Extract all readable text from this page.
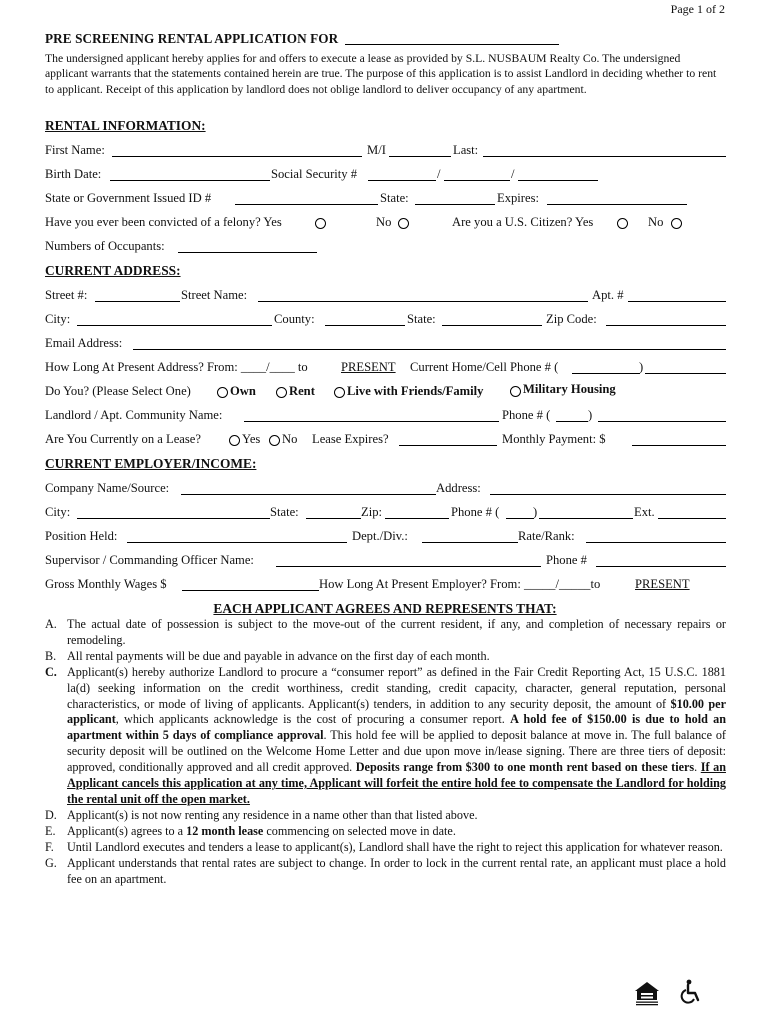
Page 1 of 2
PRE SCREENING RENTAL APPLICATION FOR
The undersigned applicant hereby applies for and offers to execute a lease as provided by S.L. NUSBAUM Realty Co. The undersigned applicant warrants that the statements contained herein are true. The purpose of this application is to assist Landlord in deciding whether to rent to applicant. Receipt of this application by landlord does not oblige landlord to deliver occupancy of any apartment.
RENTAL INFORMATION:
First Name:	M/I	Last:
Birth Date:	Social Security #	/	/
State or Government Issued ID #	State:	Expires:
Have you ever been convicted of a felony? Yes	No	Are you a U.S. Citizen? Yes	No
Numbers of Occupants:
CURRENT ADDRESS:
Street #:	Street Name:	Apt. #
City:	County:	State:	Zip Code:
Email Address:
How Long At Present Address? From: ____/____ to	PRESENT Current Home/Cell Phone # (	)
Do You? (Please Select One)	Own	Rent	Live with Friends/Family	Military Housing
Landlord / Apt. Community Name:	Phone # (	)
Are You Currently on a Lease?	Yes No Lease Expires?	Monthly Payment: $
CURRENT EMPLOYER/INCOME:
Company Name/Source:	Address:
City:	State:	Zip:	Phone # (	)	Ext.
Position Held:	Dept./Div.:	Rate/Rank:
Supervisor / Commanding Officer Name:	Phone #
Gross Monthly Wages $	How Long At Present Employer? From: _____/_____to	PRESENT
EACH APPLICANT AGREES AND REPRESENTS THAT:
A. The actual date of possession is subject to the move-out of the current resident, if any, and completion of necessary repairs or remodeling.
B. All rental payments will be due and payable in advance on the first day of each month.
C. Applicant(s) hereby authorize Landlord to procure a “consumer report” as defined in the Fair Credit Reporting Act, 15 U.S.C. 1881 la(d) seeking information on the credit worthiness, credit standing, credit capacity, character, general reputation, personal characteristics, or mode of living of applicants. Applicant(s) tenders, in addition to any security deposit, the amount of $10.00 per applicant, which applicants acknowledge is the cost of procuring a consumer report. A hold fee of $150.00 is due to hold an apartment within 5 days of compliance approval. This hold fee will be applied to deposit balance at move in. The full balance of security deposit will be outlined on the Welcome Home Letter and due upon move in/lease signing. There are three tiers of deposit: approved, conditionally approved and all credit approved. Deposits range from $300 to one month rent based on these tiers. If an Applicant cancels this application at any time, Applicant will forfeit the entire hold fee to compensate the Landlord for holding the rental unit off the open market.
D. Applicant(s) is not now renting any residence in a name other than that listed above.
E. Applicant(s) agrees to a 12 month lease commencing on selected move in date.
F.	Until Landlord executes and tenders a lease to applicant(s), Landlord shall have the right to reject this application for whatever reason.
G. Applicant understands that rental rates are subject to change. In order to lock in the current rental rate, an applicant must place a hold fee on an apartment.
